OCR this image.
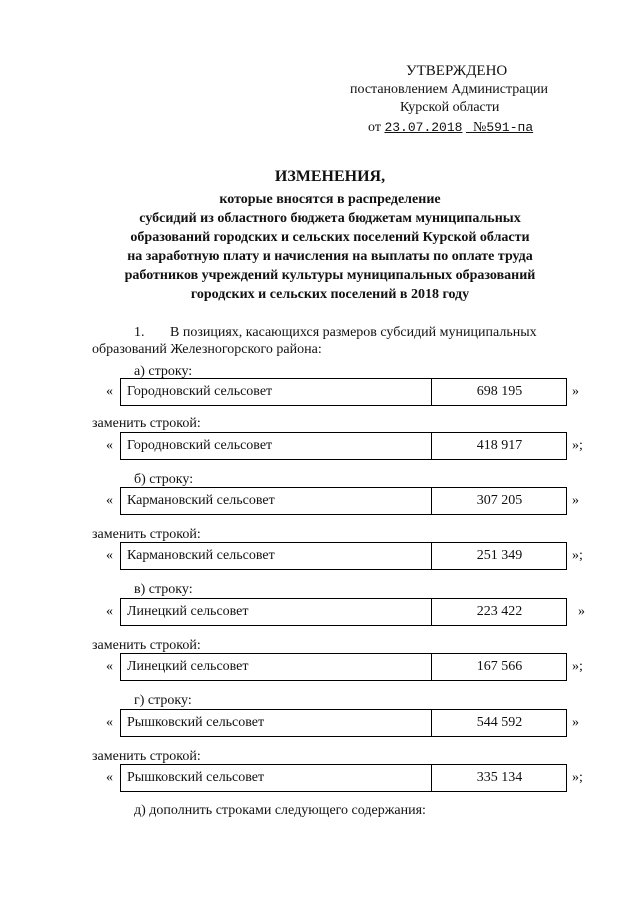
УТВЕРЖДЕНО
постановлением Администрации
Курской области
от 23.07.2018 №591-па
ИЗМЕНЕНИЯ,
которые вносятся в распределение
субсидий из областного бюджета бюджетам муниципальных
образований городских и сельских поселений Курской области
на заработную плату и начисления на выплаты по оплате труда
работников учреждений культуры муниципальных образований
городских и сельских поселений в 2018 году
1. В позициях, касающихся размеров субсидий муниципальных
образований Железногорского района:
а) строку:
« Городновский сельсовет	698 195	»
заменить строкой:
« Городновский сельсовет	418 917	»;
б) строку:
« Кармановский сельсовет	307 205	»
заменить строкой:
« Кармановский сельсовет	251 349	»;
в) строку:
« Линецкий сельсовет	223 422	»
заменить строкой:
« Линецкий сельсовет	167 566	»;
г) строку:
« Рышковский сельсовет	544 592	»
заменить строкой:
« Рышковский сельсовет	335 134	»;
д) дополнить строками следующего содержания:
